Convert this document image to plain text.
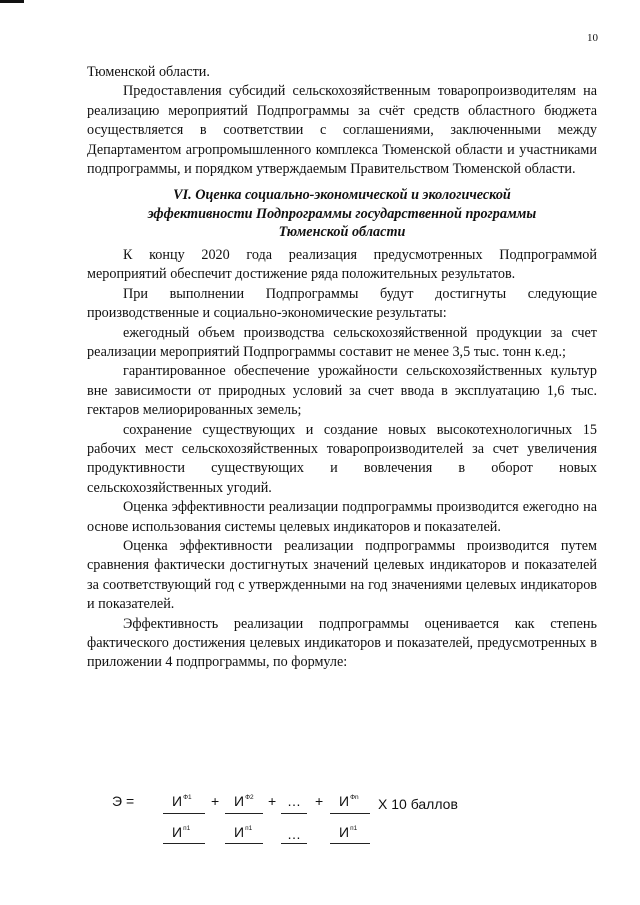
10

Тюменской области.

Предоставления субсидий сельскохозяйственным товаропроизводителям на реализацию мероприятий Подпрограммы за счёт средств областного бюджета осуществляется в соответствии с соглашениями, заключенными между Департаментом агропромышленного комплекса Тюменской области и участниками подпрограммы, и порядком утверждаемым Правительством Тюменской области.

VI. Оценка социально-экономической и экологической
эффективности Подпрограммы государственной программы
Тюменской области

К концу 2020 года реализация предусмотренных Подпрограммой мероприятий обеспечит достижение ряда положительных результатов.

При выполнении Подпрограммы будут достигнуты следующие производственные и социально-экономические результаты:

ежегодный объем производства сельскохозяйственной продукции за счет реализации мероприятий Подпрограммы составит не менее 3,5 тыс. тонн к.ед.;

гарантированное обеспечение урожайности сельскохозяйственных культур вне зависимости от природных условий за счет ввода в эксплуатацию 1,6 тыс. гектаров мелиорированных земель;

сохранение существующих и создание новых высокотехнологичных 15 рабочих мест сельскохозяйственных товаропроизводителей за счет увеличения продуктивности существующих и вовлечения в оборот новых сельскохозяйственных угодий.

Оценка эффективности реализации подпрограммы производится ежегодно на основе использования системы целевых индикаторов и показателей.

Оценка эффективности реализации подпрограммы производится путем сравнения фактически достигнутых значений целевых индикаторов и показателей за соответствующий год с утвержденными на год значениями целевых индикаторов и показателей.

Эффективность реализации подпрограммы оценивается как степень фактического достижения целевых индикаторов и показателей, предусмотренных в приложении 4 подпрограммы, по формуле:

Э =	$И^{Ф1} + И^{Ф2}$ + … + $И^{Фn}$ Х 10 баллов
$И^{п1}$	$И^{п1}$ …	$И^{п1}$
